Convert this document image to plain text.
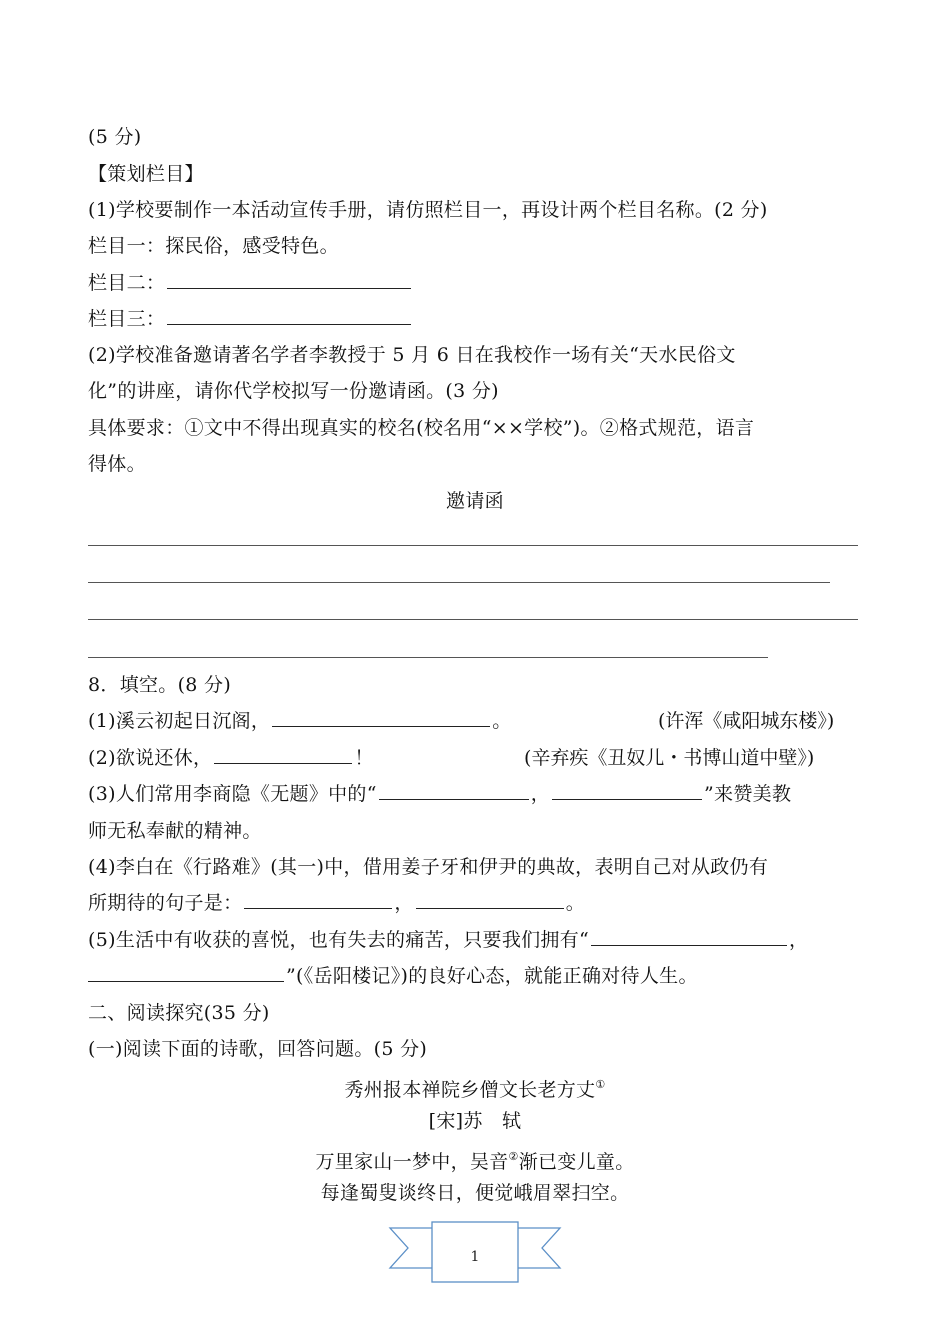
(5 分)
【策划栏目】
(1)学校要制作一本活动宣传手册，请仿照栏目一，再设计两个栏目名称。(2 分)
栏目一：探民俗，感受特色。
栏目二：
栏目三：
(2)学校准备邀请著名学者李教授于 5 月 6 日在我校作一场有关“天水民俗文
化”的讲座，请你代学校拟写一份邀请函。(3 分)
具体要求：①文中不得出现真实的校名(校名用“××学校”)。②格式规范，语言
得体。
邀请函
8．填空。(8 分)
(1)溪云初起日沉阁，	。	(许浑《咸阳城东楼》)
(2)欲说还休，	！	(辛弃疾《丑奴儿・书博山道中壁》)
(3)人们常用李商隐《无题》中的“	，	”来赞美教
师无私奉献的精神。
(4)李白在《行路难》(其一)中，借用姜子牙和伊尹的典故，表明自己对从政仍有
所期待的句子是：	，	。
(5)生活中有收获的喜悦，也有失去的痛苦，只要我们拥有“	，
”(《岳阳楼记》)的良好心态，就能正确对待人生。
二、阅读探究(35 分)
(一)阅读下面的诗歌，回答问题。(5 分)
秀州报本禅院乡僧文长老方丈①
[宋]苏　轼
万里家山一梦中，吴音②渐已变儿童。
每逢蜀叟谈终日，便觉峨眉翠扫空。
1
